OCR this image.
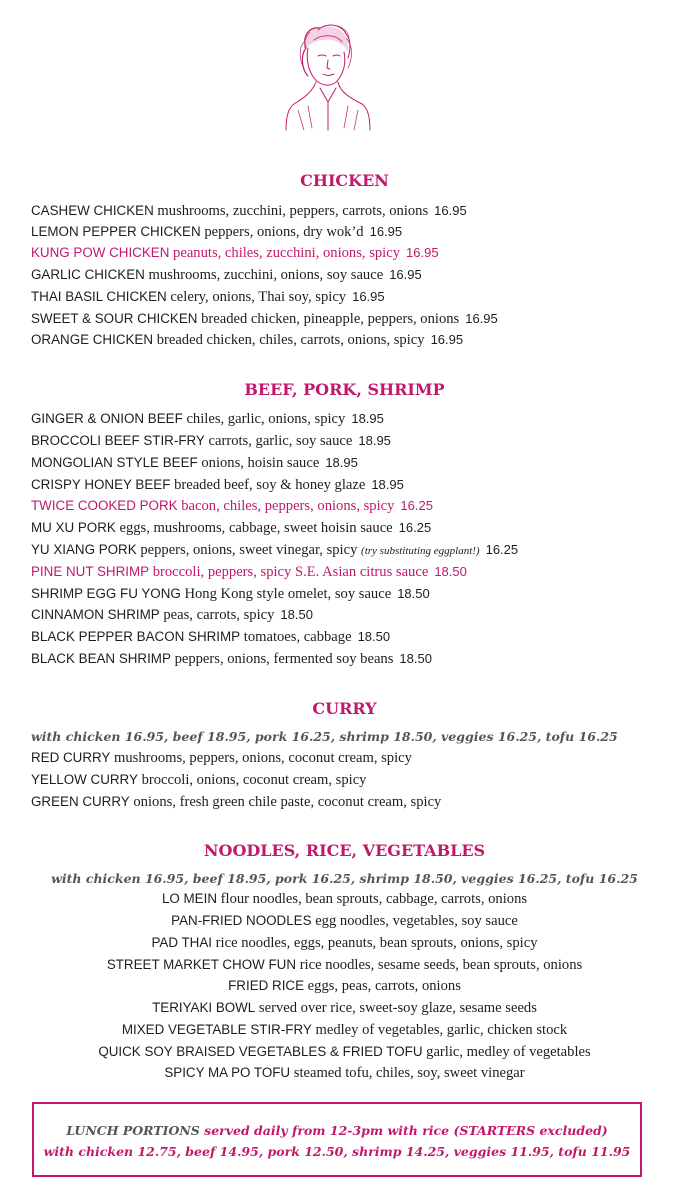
CHICKEN
CASHEW CHICKEN mushrooms, zucchini, peppers, carrots, onions 16.95
LEMON PEPPER CHICKEN peppers, onions, dry wok’d 16.95
KUNG POW CHICKEN peanuts, chiles, zucchini, onions, spicy 16.95
GARLIC CHICKEN mushrooms, zucchini, onions, soy sauce 16.95
THAI BASIL CHICKEN celery, onions, Thai soy, spicy 16.95
SWEET & SOUR CHICKEN breaded chicken, pineapple, peppers, onions 16.95
ORANGE CHICKEN breaded chicken, chiles, carrots, onions, spicy 16.95
BEEF, PORK, SHRIMP
GINGER & ONION BEEF chiles, garlic, onions, spicy 18.95
BROCCOLI BEEF STIR-FRY carrots, garlic, soy sauce 18.95
MONGOLIAN STYLE BEEF onions, hoisin sauce 18.95
CRISPY HONEY BEEF breaded beef, soy & honey glaze 18.95
TWICE COOKED PORK bacon, chiles, peppers, onions, spicy 16.25
MU XU PORK eggs, mushrooms, cabbage, sweet hoisin sauce 16.25
YU XIANG PORK peppers, onions, sweet vinegar, spicy (try substituting eggplant!) 16.25
PINE NUT SHRIMP broccoli, peppers, spicy S.E. Asian citrus sauce 18.50
SHRIMP EGG FU YONG Hong Kong style omelet, soy sauce 18.50
CINNAMON SHRIMP peas, carrots, spicy 18.50
BLACK PEPPER BACON SHRIMP tomatoes, cabbage 18.50
BLACK BEAN SHRIMP peppers, onions, fermented soy beans 18.50
CURRY
with chicken 16.95, beef 18.95, pork 16.25, shrimp 18.50, veggies 16.25, tofu 16.25
RED CURRY mushrooms, peppers, onions, coconut cream, spicy
YELLOW CURRY broccoli, onions, coconut cream, spicy
GREEN CURRY onions, fresh green chile paste, coconut cream, spicy
NOODLES, RICE, VEGETABLES
with chicken 16.95, beef 18.95, pork 16.25, shrimp 18.50, veggies 16.25, tofu 16.25
LO MEIN flour noodles, bean sprouts, cabbage, carrots, onions
PAN-FRIED NOODLES egg noodles, vegetables, soy sauce
PAD THAI rice noodles, eggs, peanuts, bean sprouts, onions, spicy
STREET MARKET CHOW FUN rice noodles, sesame seeds, bean sprouts, onions
FRIED RICE eggs, peas, carrots, onions
TERIYAKI BOWL served over rice, sweet-soy glaze, sesame seeds
MIXED VEGETABLE STIR-FRY medley of vegetables, garlic, chicken stock
QUICK SOY BRAISED VEGETABLES & FRIED TOFU garlic, medley of vegetables
SPICY MA PO TOFU steamed tofu, chiles, soy, sweet vinegar
LUNCH PORTIONS served daily from 12-3pm with rice (STARTERS excluded)
with chicken 12.75, beef 14.95, pork 12.50, shrimp 14.25, veggies 11.95, tofu 11.95
